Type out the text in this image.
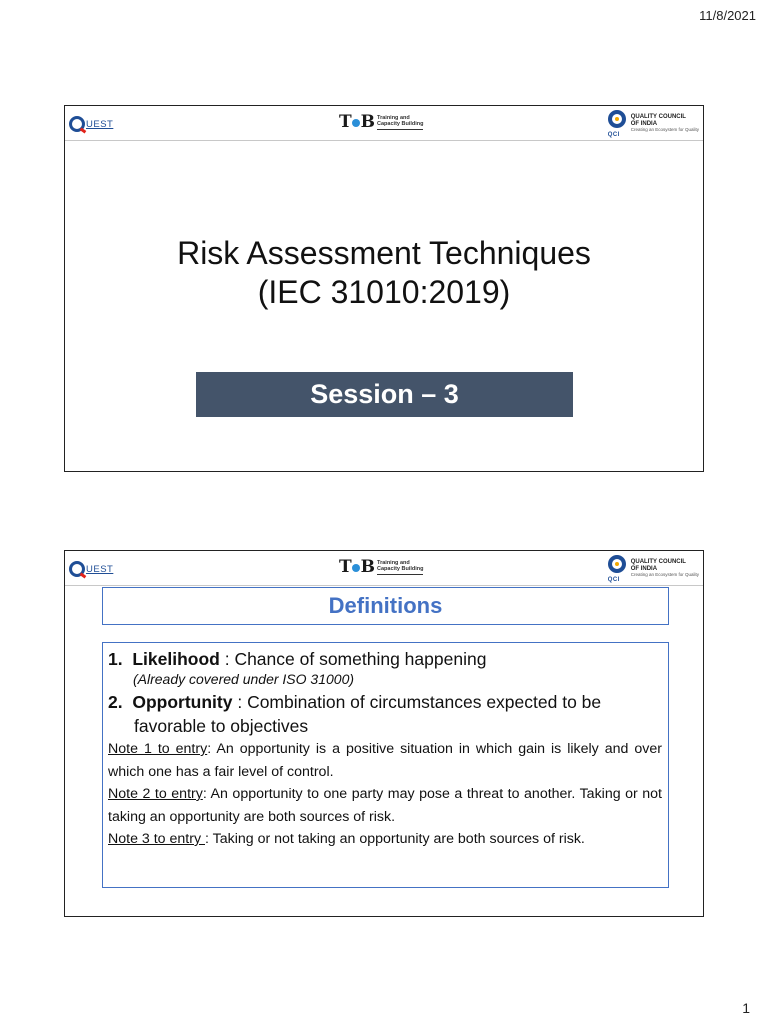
11/8/2021
UEST	T B Training and
Capacity Building
QCI
QUALITY COUNCIL
OF INDIA
Creating an Ecosystem for Quality
Risk Assessment Techniques
(IEC 31010:2019)
Session – 3
UEST	T B Training and
Capacity Building
QCI
QUALITY COUNCIL
OF INDIA
Creating an Ecosystem for Quality
Definitions
1. Likelihood : Chance of something happening
(Already covered under ISO 31000)
2. Opportunity : Combination of circumstances expected to be
favorable to objectives
Note 1 to entry: An opportunity is a positive situation in which gain is likely and over which one has a fair level of control.
Note 2 to entry: An opportunity to one party may pose a threat to another. Taking or not taking an opportunity are both sources of risk.
Note 3 to entry : Taking or not taking an opportunity are both sources of risk.
1
